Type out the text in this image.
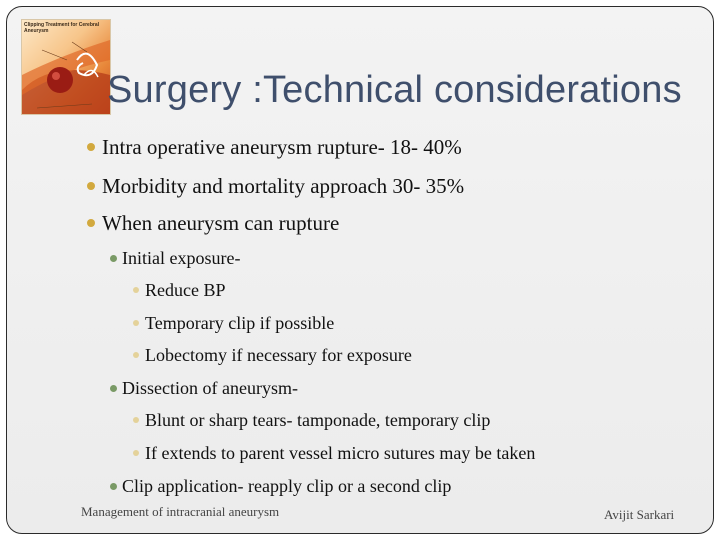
Clipping Treatment for Cerebral Aneurysm
Surgery :Technical considerations
Intra operative aneurysm rupture- 18- 40%
Morbidity and mortality approach 30- 35%
When aneurysm can rupture
Initial exposure-
Reduce BP
Temporary clip if possible
Lobectomy if necessary for exposure
Dissection of aneurysm-
Blunt or sharp tears- tamponade, temporary clip
If extends to parent vessel micro sutures may be taken
Clip application- reapply clip or a second clip
Management of intracranial aneurysm	Avijit Sarkari
